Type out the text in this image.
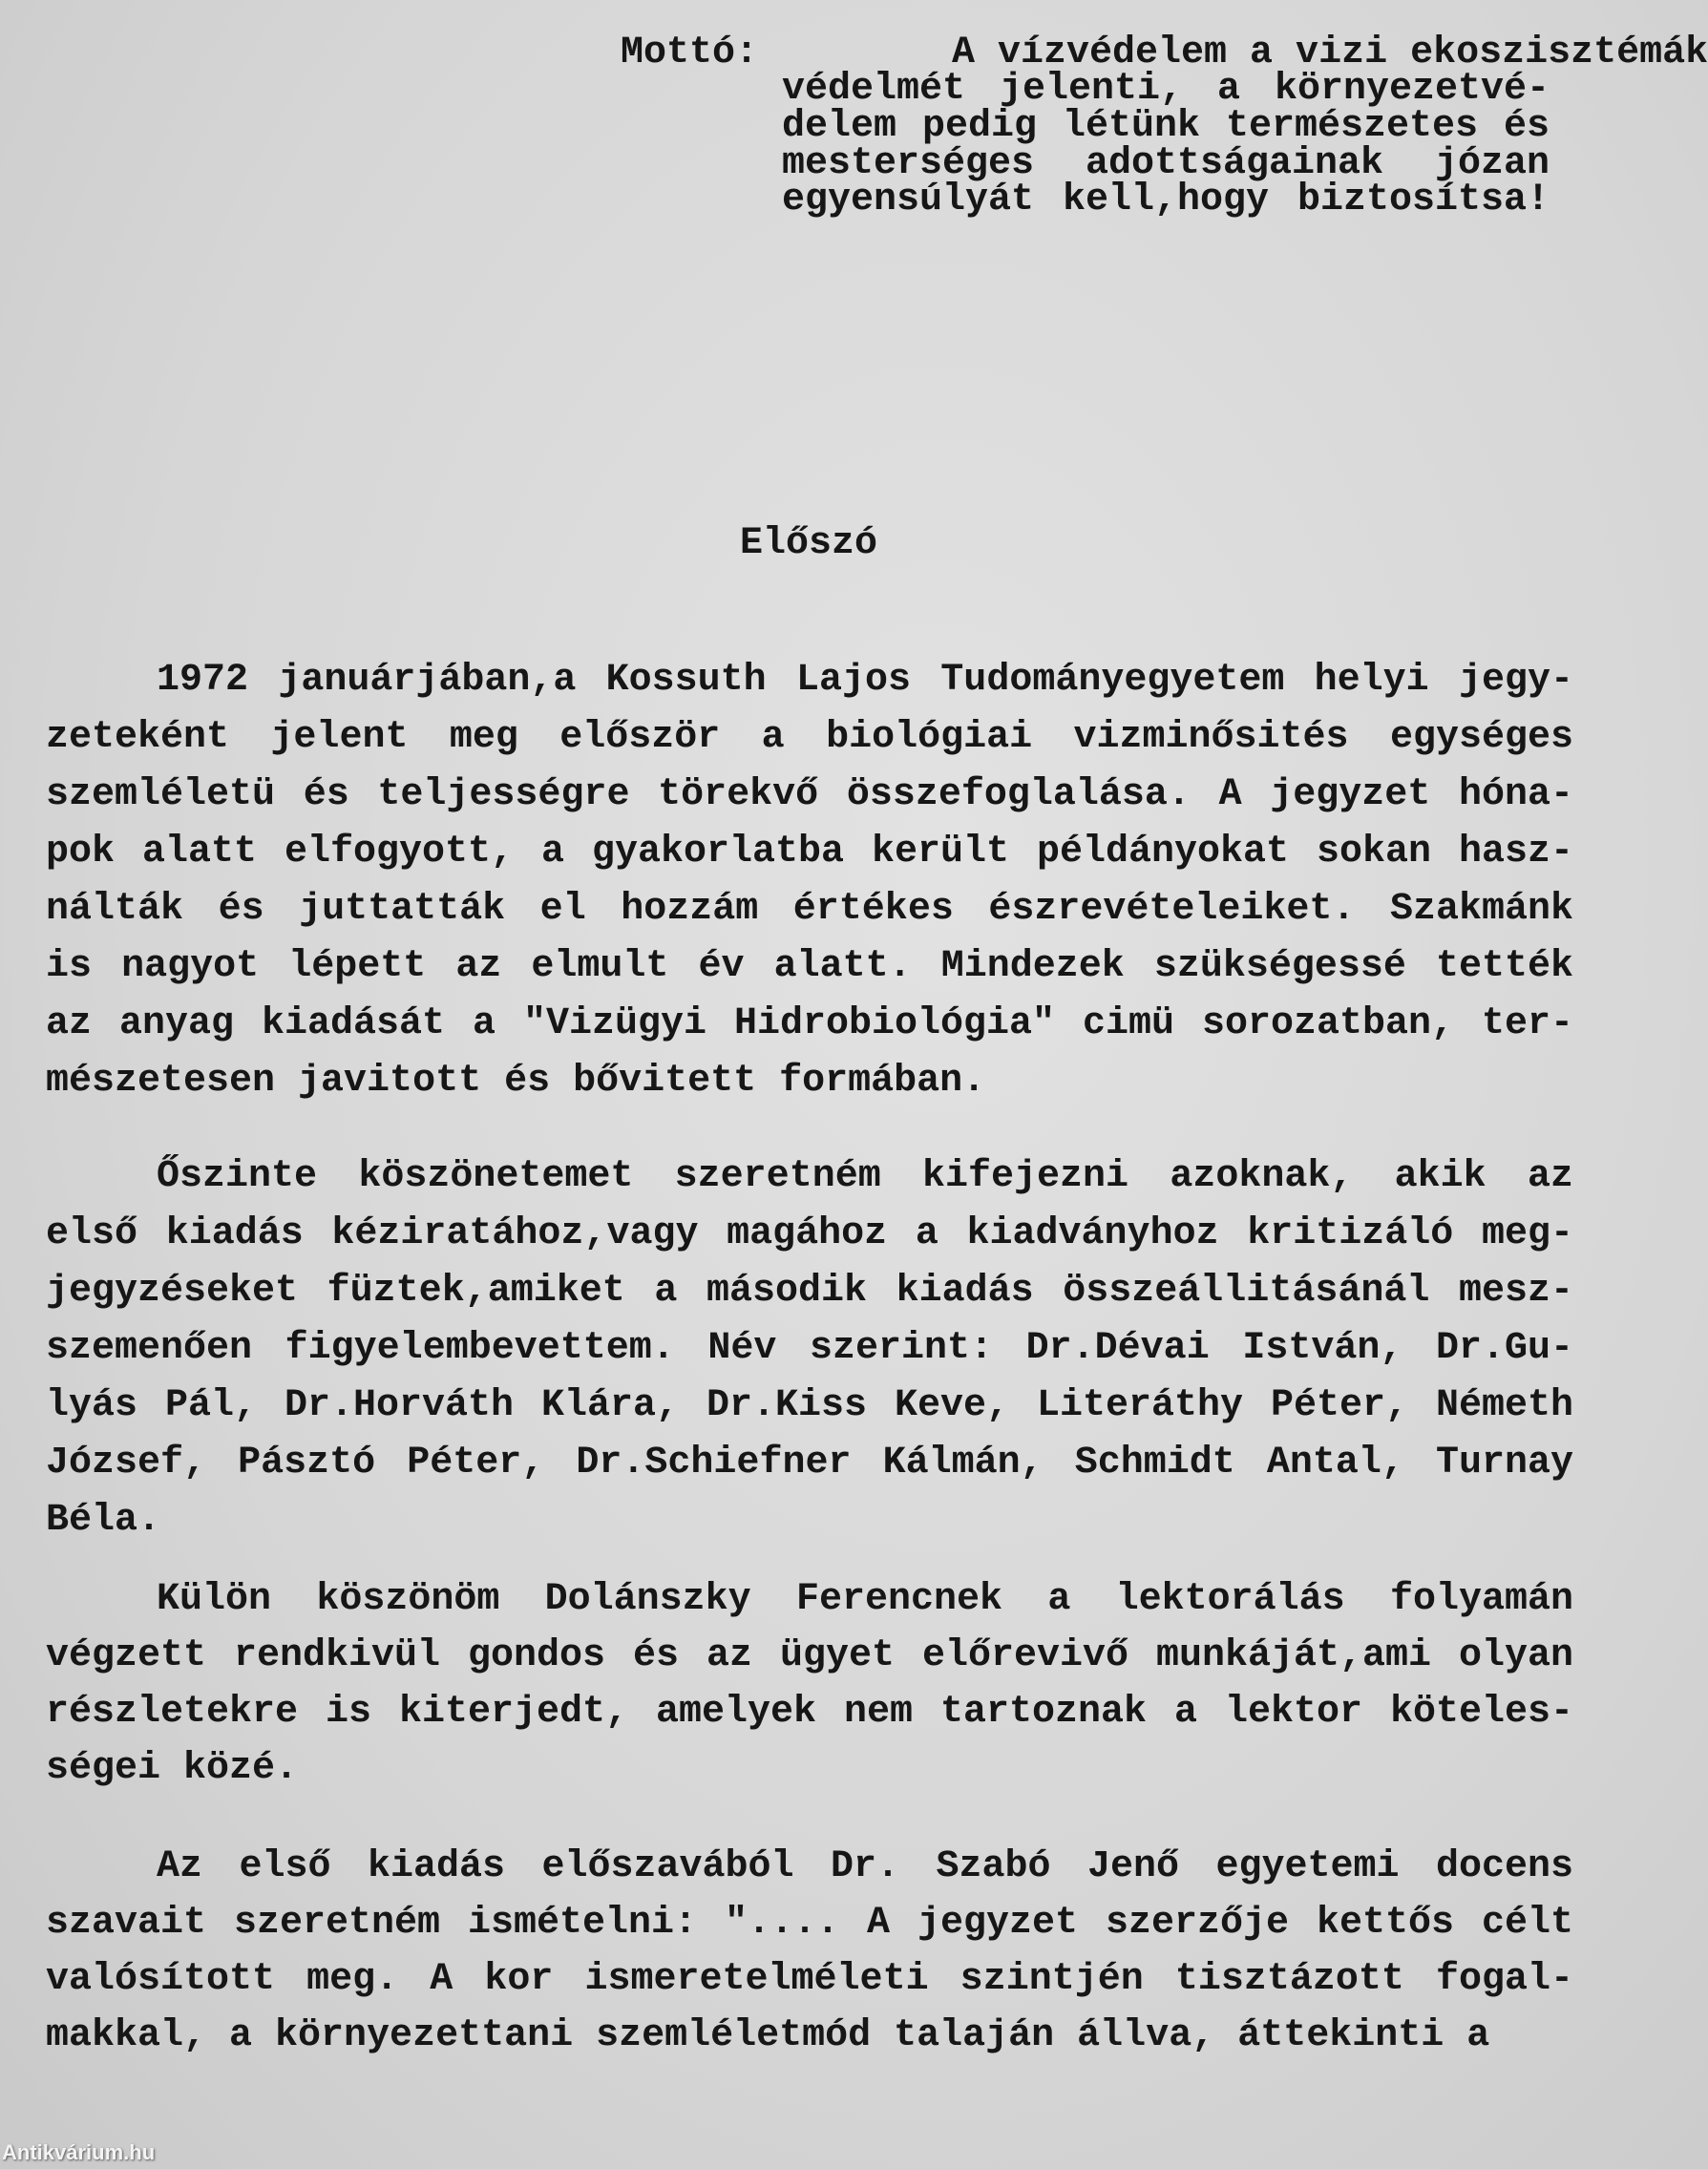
Mottó:	A vízvédelem a vizi ekoszisztémák
védelmét jelenti, a környezetvé-
delem pedig létünk természetes és
mesterséges adottságainak józan
egyensúlyát kell,hogy biztosítsa!
Előszó
1972 januárjában,a Kossuth Lajos Tudományegyetem helyi jegy-
zeteként jelent meg először a biológiai vizminősités egységes
szemléletü és teljességre törekvő összefoglalása. A jegyzet hóna-
pok alatt elfogyott, a gyakorlatba került példányokat sokan hasz-
nálták és juttatták el hozzám értékes észrevételeiket. Szakmánk
is nagyot lépett az elmult év alatt. Mindezek szükségessé tették
az anyag kiadását a "Vizügyi Hidrobiológia" cimü sorozatban, ter-
mészetesen javitott és bővitett formában.
Őszinte köszönetemet szeretném kifejezni azoknak, akik az
első kiadás kéziratához,vagy magához a kiadványhoz kritizáló meg-
jegyzéseket füztek,amiket a második kiadás összeállitásánál mesz-
szemenően figyelembevettem. Név szerint: Dr.Dévai István, Dr.Gu-
lyás Pál, Dr.Horváth Klára, Dr.Kiss Keve, Literáthy Péter, Németh
József, Pásztó Péter, Dr.Schiefner Kálmán, Schmidt Antal, Turnay
Béla.
Külön köszönöm Dolánszky Ferencnek a lektorálás folyamán
végzett rendkivül gondos és az ügyet előrevivő munkáját,ami olyan
részletekre is kiterjedt, amelyek nem tartoznak a lektor köteles-
ségei közé.
Az első kiadás előszavából Dr. Szabó Jenő egyetemi docens
szavait szeretném ismételni: ".... A jegyzet szerzője kettős célt
valósított meg. A kor ismeretelméleti szintjén tisztázott fogal-
makkal, a környezettani szemléletmód talaján állva, áttekinti a
Antikvárium.hu
